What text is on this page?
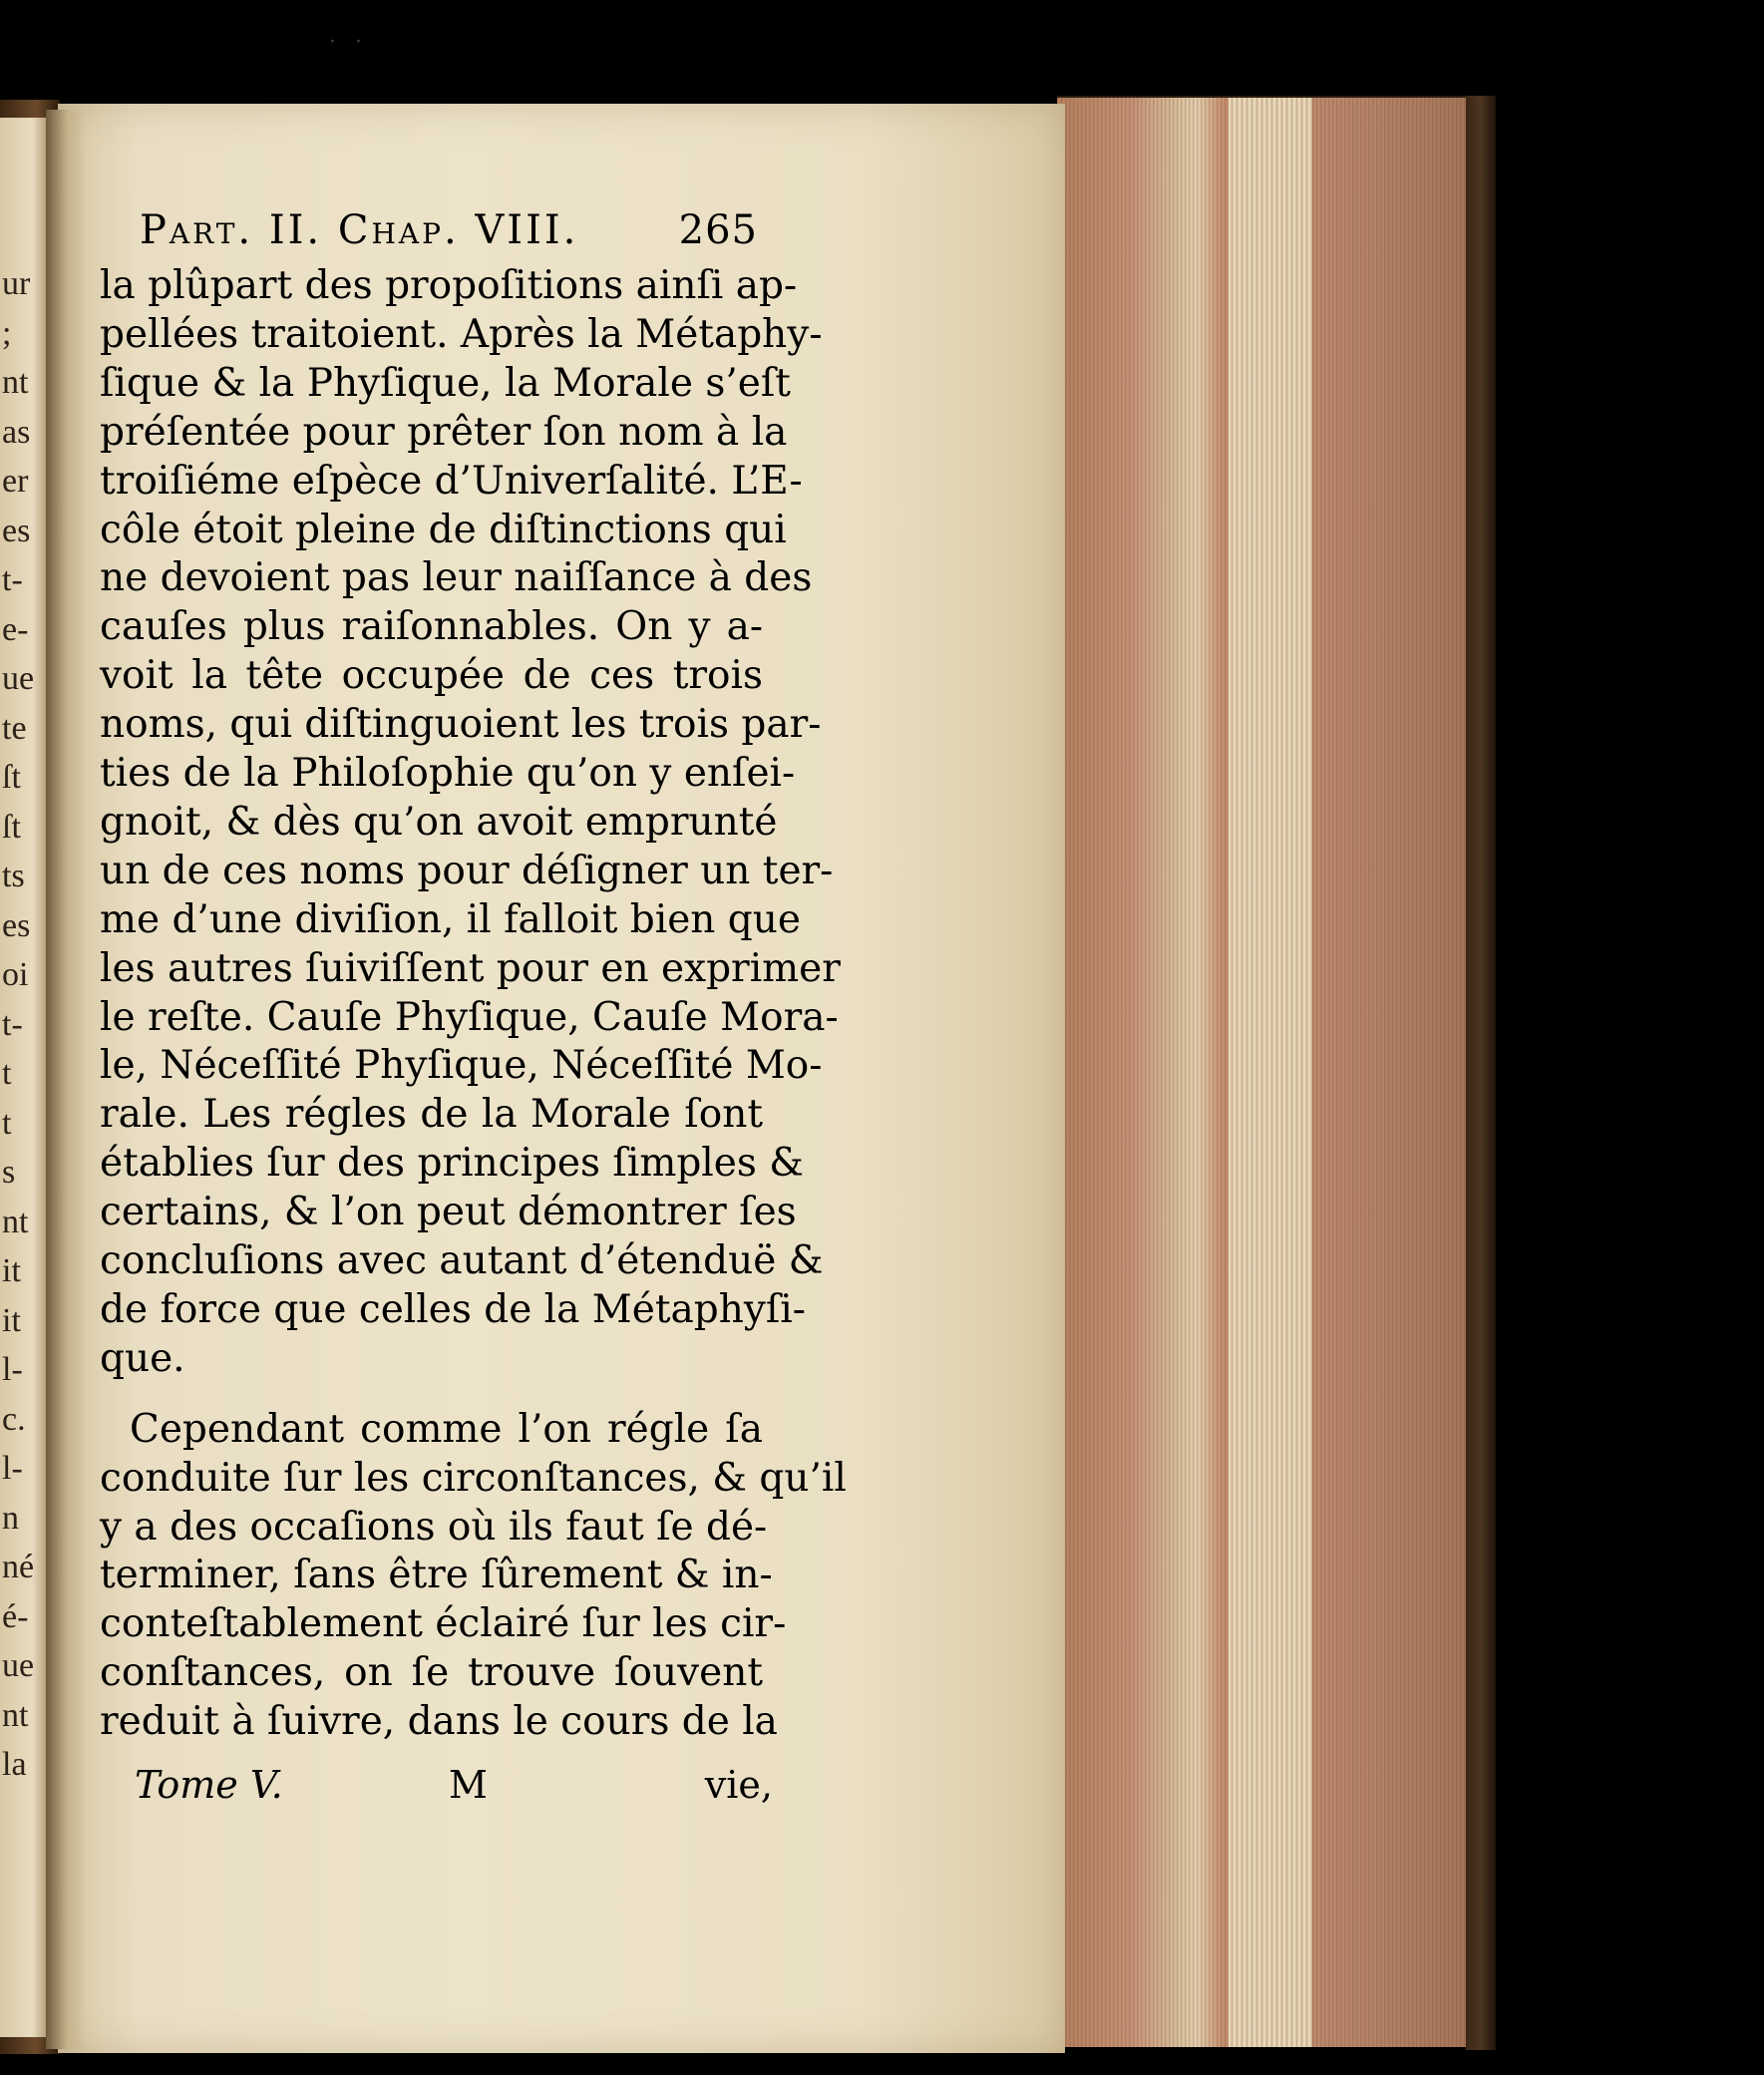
· ·
ur
;
nt
as
er
es
t-
e-
ue
te
ſt
ſt
ts
es
oi
t-
t
t
s
nt
it
it
l-
c.
l-
n
né
é-
ue
nt
la
Part. II. Chap. VIII.	265
la plûpart des propoſitions ainſi ap-
pellées traitoient. Après la Métaphy-
ſique & la Phyſique, la Morale s’eſt
préſentée pour prêter ſon nom à la
troiſiéme eſpèce d’Univerſalité. L’E-
côle étoit pleine de diſtinctions qui
ne devoient pas leur naiſſance à des
cauſes plus raiſonnables. On y a-
voit la tête occupée de ces trois
noms, qui diſtinguoient les trois par-
ties de la Philoſophie qu’on y enſei-
gnoit, & dès qu’on avoit emprunté
un de ces noms pour déſigner un ter-
me d’une diviſion, il falloit bien que
les autres ſuiviſſent pour en exprimer
le reſte. Cauſe Phyſique, Cauſe Mora-
le, Néceſſité Phyſique, Néceſſité Mo-
rale. Les régles de la Morale ſont
établies ſur des principes ſimples &
certains, & l’on peut démontrer ſes
concluſions avec autant d’étenduë &
de force que celles de la Métaphyſi-
que.
Cependant comme l’on régle ſa
conduite ſur les circonſtances, & qu’il
y a des occaſions où ils faut ſe dé-
terminer, ſans être ſûrement & in-
conteſtablement éclairé ſur les cir-
conſtances, on ſe trouve ſouvent
reduit à ſuivre, dans le cours de la
Tome V.	M	vie,
